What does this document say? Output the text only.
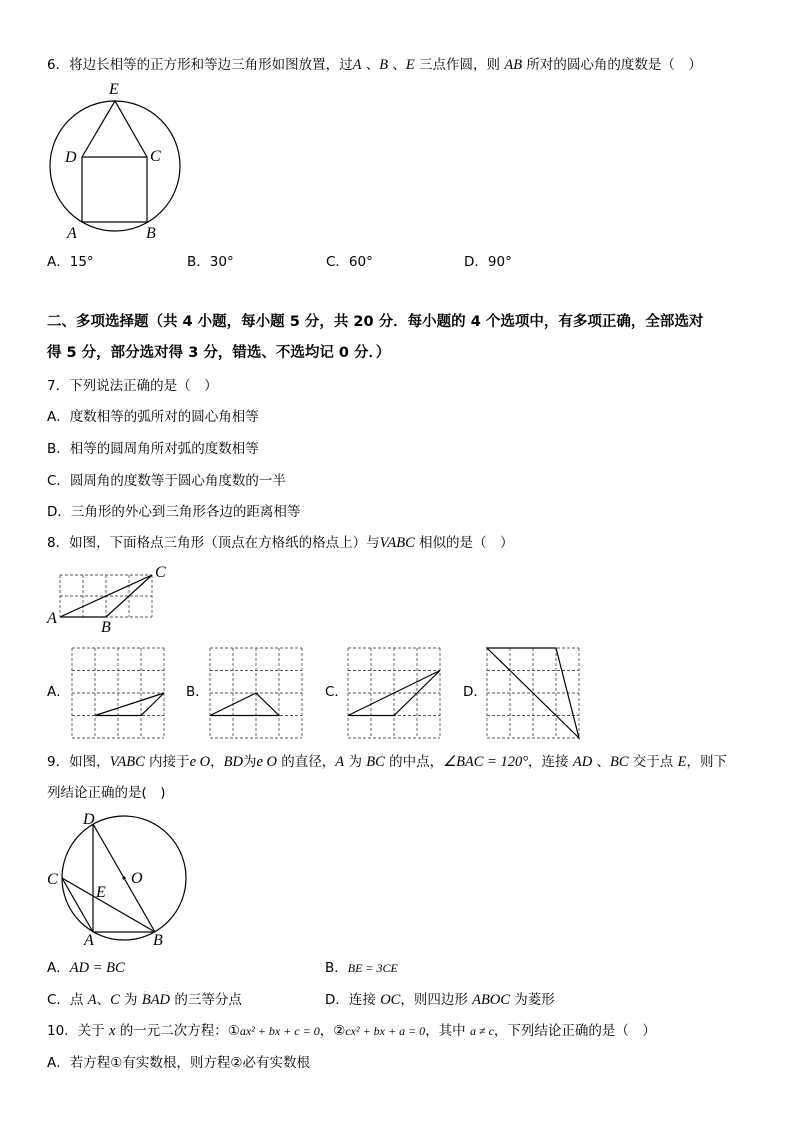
6．将边长相等的正方形和等边三角形如图放置，过 A 、 B 、 E 三点作圆，则 AB 所对的圆心角的度数是（　）
E
D	C
A	B
A．15°	B．30°	C．60°	D．90°
二、多项选择题（共 4 小题，每小题 5 分，共 20 分．每小题的 4 个选项中，有多项正确，全部选对
得 5 分，部分选对得 3 分，错选、不选均记 0 分．）
7．下列说法正确的是（　）
A．度数相等的弧所对的圆心角相等
B．相等的圆周角所对弧的度数相等
C．圆周角的度数等于圆心角度数的一半
D．三角形的外心到三角形各边的距离相等
8．如图，下面格点三角形（顶点在方格纸的格点上）与 VABC 相似的是（　）
A
B
C
A．	B．	C．	D．
9．如图， VABC 内接于 e O ， BD 为 e O 的直径， A 为 BC 的中点， ∠BAC = 120° ，连接 AD 、 BC 交于点 E ，则下
列结论正确的是(　)
D
C
E
O
A	B
A． AD = BC	B． BE = 3CE
C．点 A 、 C 为 BAD 的三等分点	D．连接 OC ，则四边形 ABOC 为菱形
10．关于 x 的一元二次方程：① ax² + bx + c = 0 ，② cx² + bx + a = 0 ，其中 a ≠ c ，下列结论正确的是（　）
A．若方程①有实数根，则方程②必有实数根
